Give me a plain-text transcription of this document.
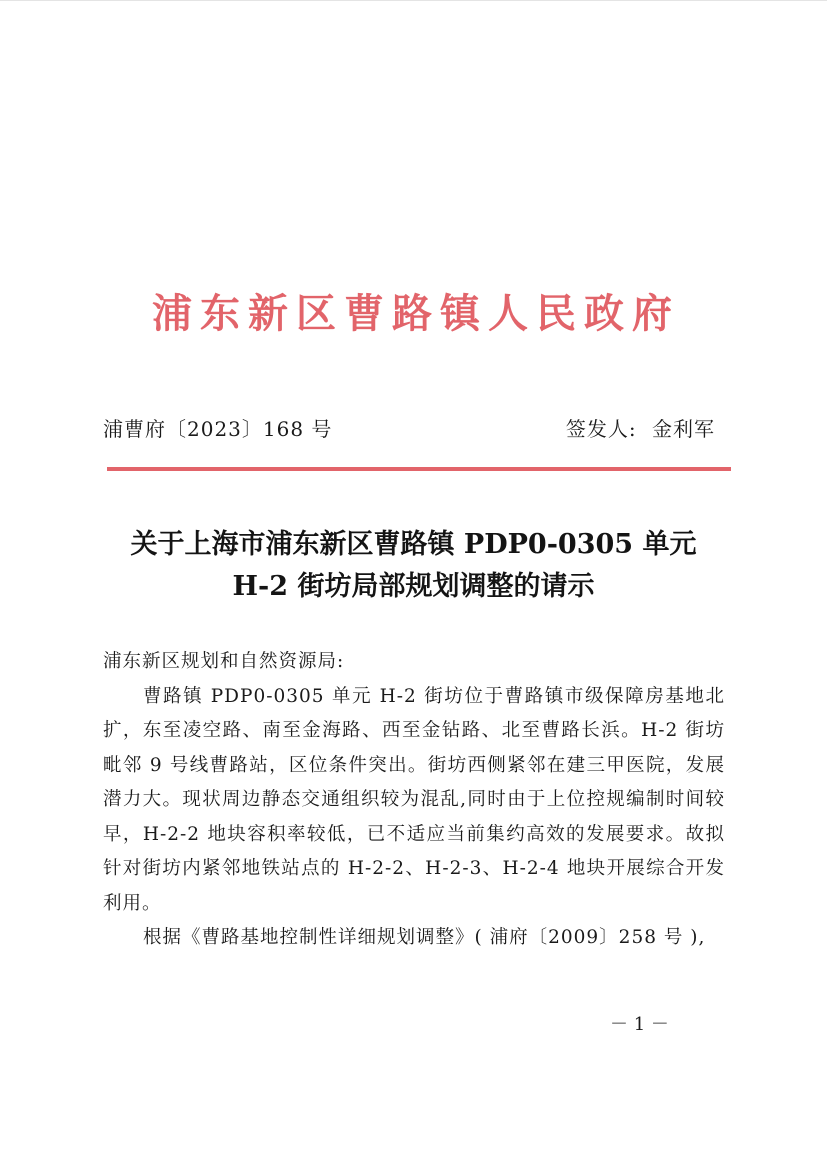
浦东新区曹路镇人民政府
浦曹府〔2023〕168 号	签发人: 金利军
关于上海市浦东新区曹路镇 PDP0-0305 单元
H-2 街坊局部规划调整的请示

浦东新区规划和自然资源局:

曹路镇 PDP0-0305 单元 H-2 街坊位于曹路镇市级保障房基地北扩，东至凌空路、南至金海路、西至金钻路、北至曹路长浜。H-2 街坊毗邻 9 号线曹路站，区位条件突出。街坊西侧紧邻在建三甲医院，发展潜力大。现状周边静态交通组织较为混乱,同时由于上位控规编制时间较早，H-2-2 地块容积率较低，已不适应当前集约高效的发展要求。故拟针对街坊内紧邻地铁站点的 H-2-2、H-2-3、H-2-4 地块开展综合开发利用。

根据《曹路基地控制性详细规划调整》( 浦府〔2009〕258 号 ),

－ 1 －
